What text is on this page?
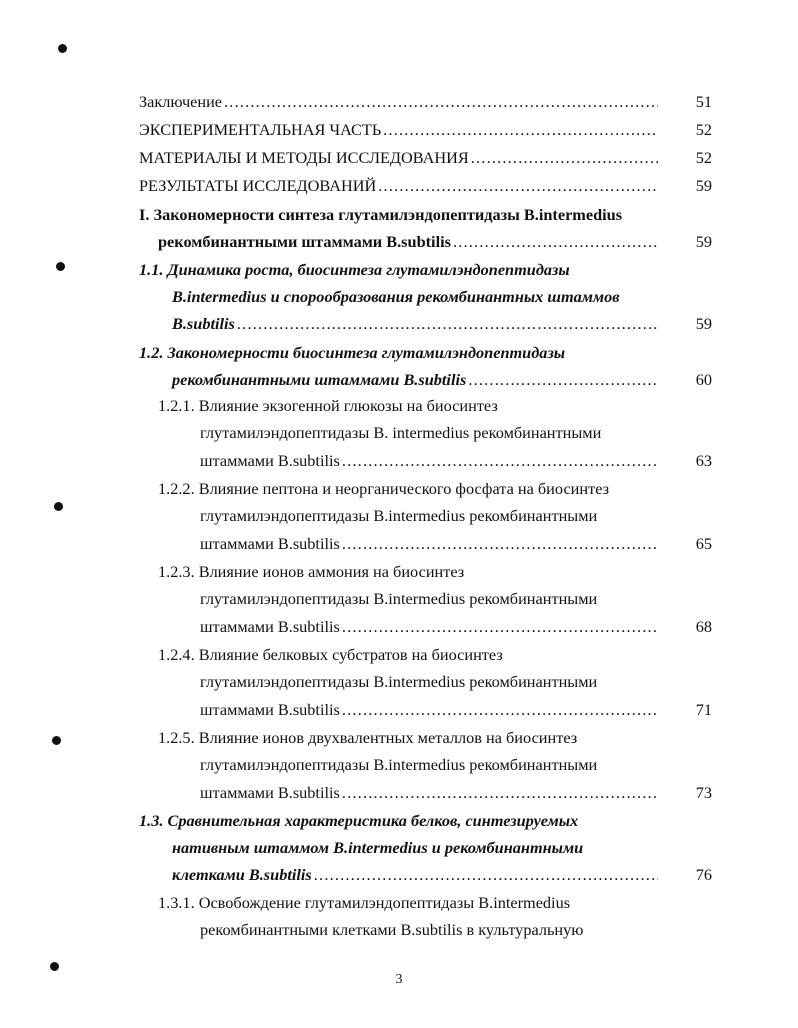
Заключение .....	51
ЭКСПЕРИМЕНТАЛЬНАЯ ЧАСТЬ .....	52
МАТЕРИАЛЫ И МЕТОДЫ ИССЛЕДОВАНИЯ .....	52
РЕЗУЛЬТАТЫ ИССЛЕДОВАНИЙ .....	59
I. Закономерности синтеза глутамилэндопептидазы B.intermedius
рекомбинантными штаммами B.subtilis .....	59
1.1. Динамика роста, биосинтеза глутамилэндопептидазы
B.intermedius и спорообразования рекомбинантных штаммов
B.subtilis .....	59
1.2. Закономерности биосинтеза глутамилэндопептидазы
рекомбинантными штаммами B.subtilis .....	60
1.2.1. Влияние экзогенной глюкозы на биосинтез
глутамилэндопептидазы B. intermedius рекомбинантными
штаммами B.subtilis .....	63
1.2.2. Влияние пептона и неорганического фосфата на биосинтез
глутамилэндопептидазы B.intermedius рекомбинантными
штаммами B.subtilis .....	65
1.2.3. Влияние ионов аммония на биосинтез
глутамилэндопептидазы B.intermedius рекомбинантными
штаммами B.subtilis .....	68
1.2.4. Влияние белковых субстратов на биосинтез
глутамилэндопептидазы B.intermedius рекомбинантными
штаммами B.subtilis .....	71
1.2.5. Влияние ионов двухвалентных металлов на биосинтез
глутамилэндопептидазы B.intermedius рекомбинантными
штаммами B.subtilis .....	73
1.3. Сравнительная характеристика белков, синтезируемых
нативным штаммом B.intermedius и рекомбинантными
клетками B.subtilis .....	76
1.3.1. Освобождение глутамилэндопептидазы B.intermedius
рекомбинантными клетками B.subtilis в культуральную
3
